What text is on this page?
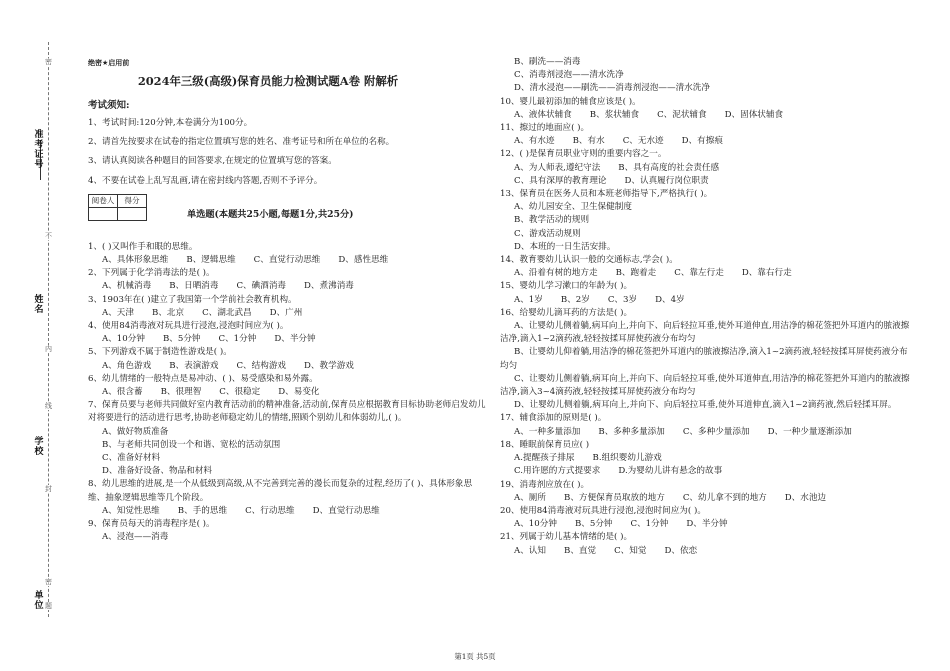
准考证号
姓名
学校
单位
密
不
内
线
封
密
题
绝密★启用前
2024年三级(高级)保育员能力检测试题A卷 附解析
考试须知:
1、考试时间:120分钟,本卷满分为100分。
2、请首先按要求在试卷的指定位置填写您的姓名、准考证号和所在单位的名称。
3、请认真阅读各种题目的回答要求,在规定的位置填写您的答案。
4、不要在试卷上乱写乱画,请在密封线内答题,否则不予评分。
阅卷人	得分

单选题(本题共25小题,每题1分,共25分)
1、( )又叫作手和眼的思维。
A、具体形象思维 B、逻辑思维 C、直觉行动思维 D、感性思维
2、下列属于化学消毒法的是( )。
A、机械消毒 B、日晒消毒 C、碘酒消毒 D、煮沸消毒
3、1903年在( )建立了我国第一个学前社会教育机构。
A、天津 B、北京 C、湖北武昌 D、广州
4、使用84消毒液对玩具进行浸泡,浸泡时间应为( )。
A、10分钟 B、5分钟 C、1分钟 D、半分钟
5、下列游戏不属于制造性游戏是( )。
A、角色游戏 B、表演游戏 C、结构游戏 D、教学游戏
6、幼儿情绪的一般特点是易冲动、( )、易受感染和易外露。
A、很含蓄 B、很理智 C、很稳定 D、易变化
7、保育员要与老师共同做好室内教育活动前的精神准备,活动前,保育员应根据教育目标协助老师启发幼儿对将要进行的活动进行思考,协助老师稳定幼儿的情绪,照顾个别幼儿和体弱幼儿,( )。
A、做好物质准备
B、与老师共同创设一个和谐、宽松的活动氛围
C、准备好材料
D、准备好设备、物品和材料
8、幼儿思维的进展,是一个从低级到高级,从不完善到完善的漫长而复杂的过程,经历了( )、具体形象思维、抽象逻辑思维等几个阶段。
A、知觉性思维 B、手的思维 C、行动思维 D、直觉行动思维
9、保育员每天的消毒程序是( )。
A、浸泡——消毒
B、刷洗——消毒
C、消毒剂浸泡——清水洗净
D、清水浸泡——刷洗——消毒剂浸泡——清水洗净
10、婴儿最初添加的辅食应该是( )。
A、液体状辅食 B、浆状辅食 C、泥状辅食 D、固体状辅食
11、擦过的地面应( )。
A、有水迹 B、有水 C、无水迹 D、有擦痕
12、( )是保育员职业守则的重要内容之一。
A、为人师表,遵纪守法 B、具有高度的社会责任感
C、具有深厚的教育理论 D、认真履行岗位职责
13、保育员在医务人员和本班老师指导下,严格执行( )。
A、幼儿园安全、卫生保健制度
B、教学活动的规则
C、游戏活动规则
D、本班的一日生活安排。
14、教育婴幼儿认识一般的交通标志,学会( )。
A、沿着有树的地方走 B、跑着走 C、靠左行走 D、靠右行走
15、婴幼儿学习漱口的年龄为( )。
A、1岁 B、2岁 C、3岁 D、4岁
16、给婴幼儿滴耳药的方法是( )。
A、让婴幼儿侧着躺,病耳向上,并向下、向后轻拉耳垂,使外耳道伸直,用洁净的棉花签把外耳道内的脓液擦洁净,滴入1~2滴药液,轻轻按揉耳屏使药液分布均匀
B、让婴幼儿仰着躺,用洁净的棉花签把外耳道内的脓液擦洁净,滴入1~2滴药液,轻轻按揉耳屏使药液分布均匀
C、让婴幼儿侧着躺,病耳向上,并向下、向后轻拉耳垂,使外耳道伸直,用洁净的棉花签把外耳道内的脓液擦洁净,滴入3~4滴药液,轻轻按揉耳屏使药液分布均匀
D、让婴幼儿侧着躺,病耳向上,并向下、向后轻拉耳垂,使外耳道伸直,滴入1~2滴药液,然后轻揉耳屏。
17、辅食添加的原则是( )。
A、一种多量添加 B、多种多量添加 C、多种少量添加 D、一种少量逐渐添加
18、睡眠前保育员应( )
A.提醒孩子排尿 B.组织婴幼儿游戏
C.用许愿的方式提要求 D.为婴幼儿讲有悬念的故事
19、消毒剂应放在( )。
A、厕所 B、方便保育员取放的地方 C、幼儿拿不到的地方 D、水池边
20、使用84消毒液对玩具进行浸泡,浸泡时间应为( )。
A、10分钟 B、5分钟 C、1分钟 D、半分钟
21、列属于幼儿基本情绪的是( )。
A、认知 B、直觉 C、知觉 D、依恋
第1页 共5页
